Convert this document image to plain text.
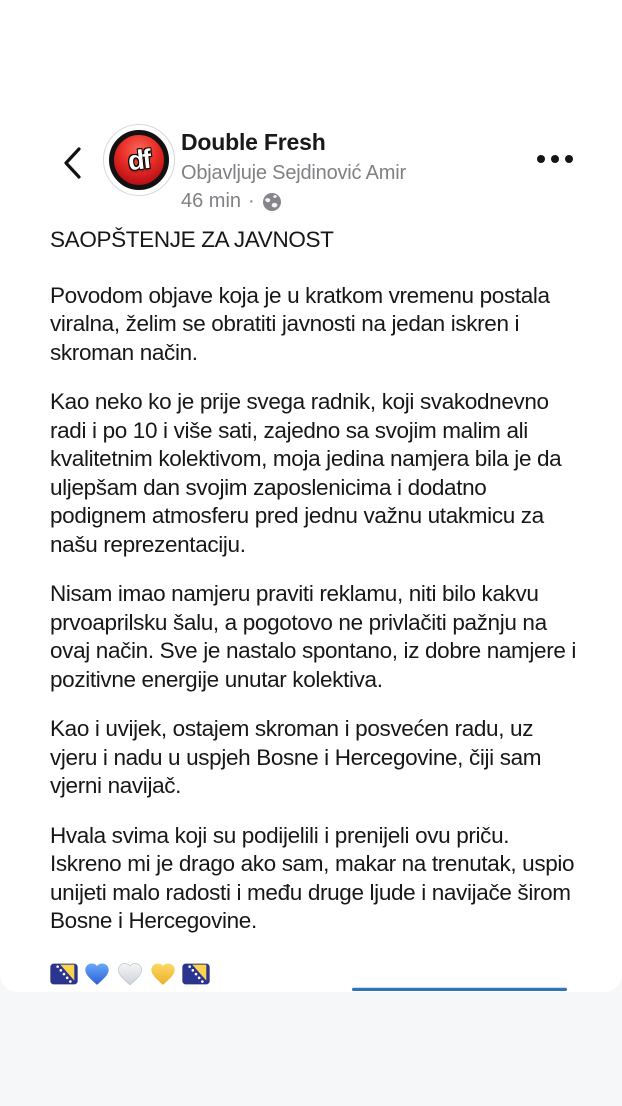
df
Double Fresh
Objavljuje Sejdinović Amir
46 min ·

SAOPŠTENJE ZA JAVNOST

Povodom objave koja je u kratkom vremenu postala viralna, želim se obratiti javnosti na jedan iskren i skroman način.

Kao neko ko je prije svega radnik, koji svakodnevno radi i po 10 i više sati, zajedno sa svojim malim ali kvalitetnim kolektivom, moja jedina namjera bila je da uljepšam dan svojim zaposlenicima i dodatno podignem atmosferu pred jednu važnu utakmicu za našu reprezentaciju.

Nisam imao namjeru praviti reklamu, niti bilo kakvu prvoaprilsku šalu, a pogotovo ne privlačiti pažnju na ovaj način. Sve je nastalo spontano, iz dobre namjere i pozitivne energije unutar kolektiva.

Kao i uvijek, ostajem skroman i posvećen radu, uz vjeru i nadu u uspjeh Bosne i Hercegovine, čiji sam vjerni navijač.

Hvala svima koji su podijelili i prenijeli ovu priču. Iskreno mi je drago ako sam, makar na trenutak, uspio unijeti malo radosti i među druge ljude i navijače širom Bosne i Hercegovine.
